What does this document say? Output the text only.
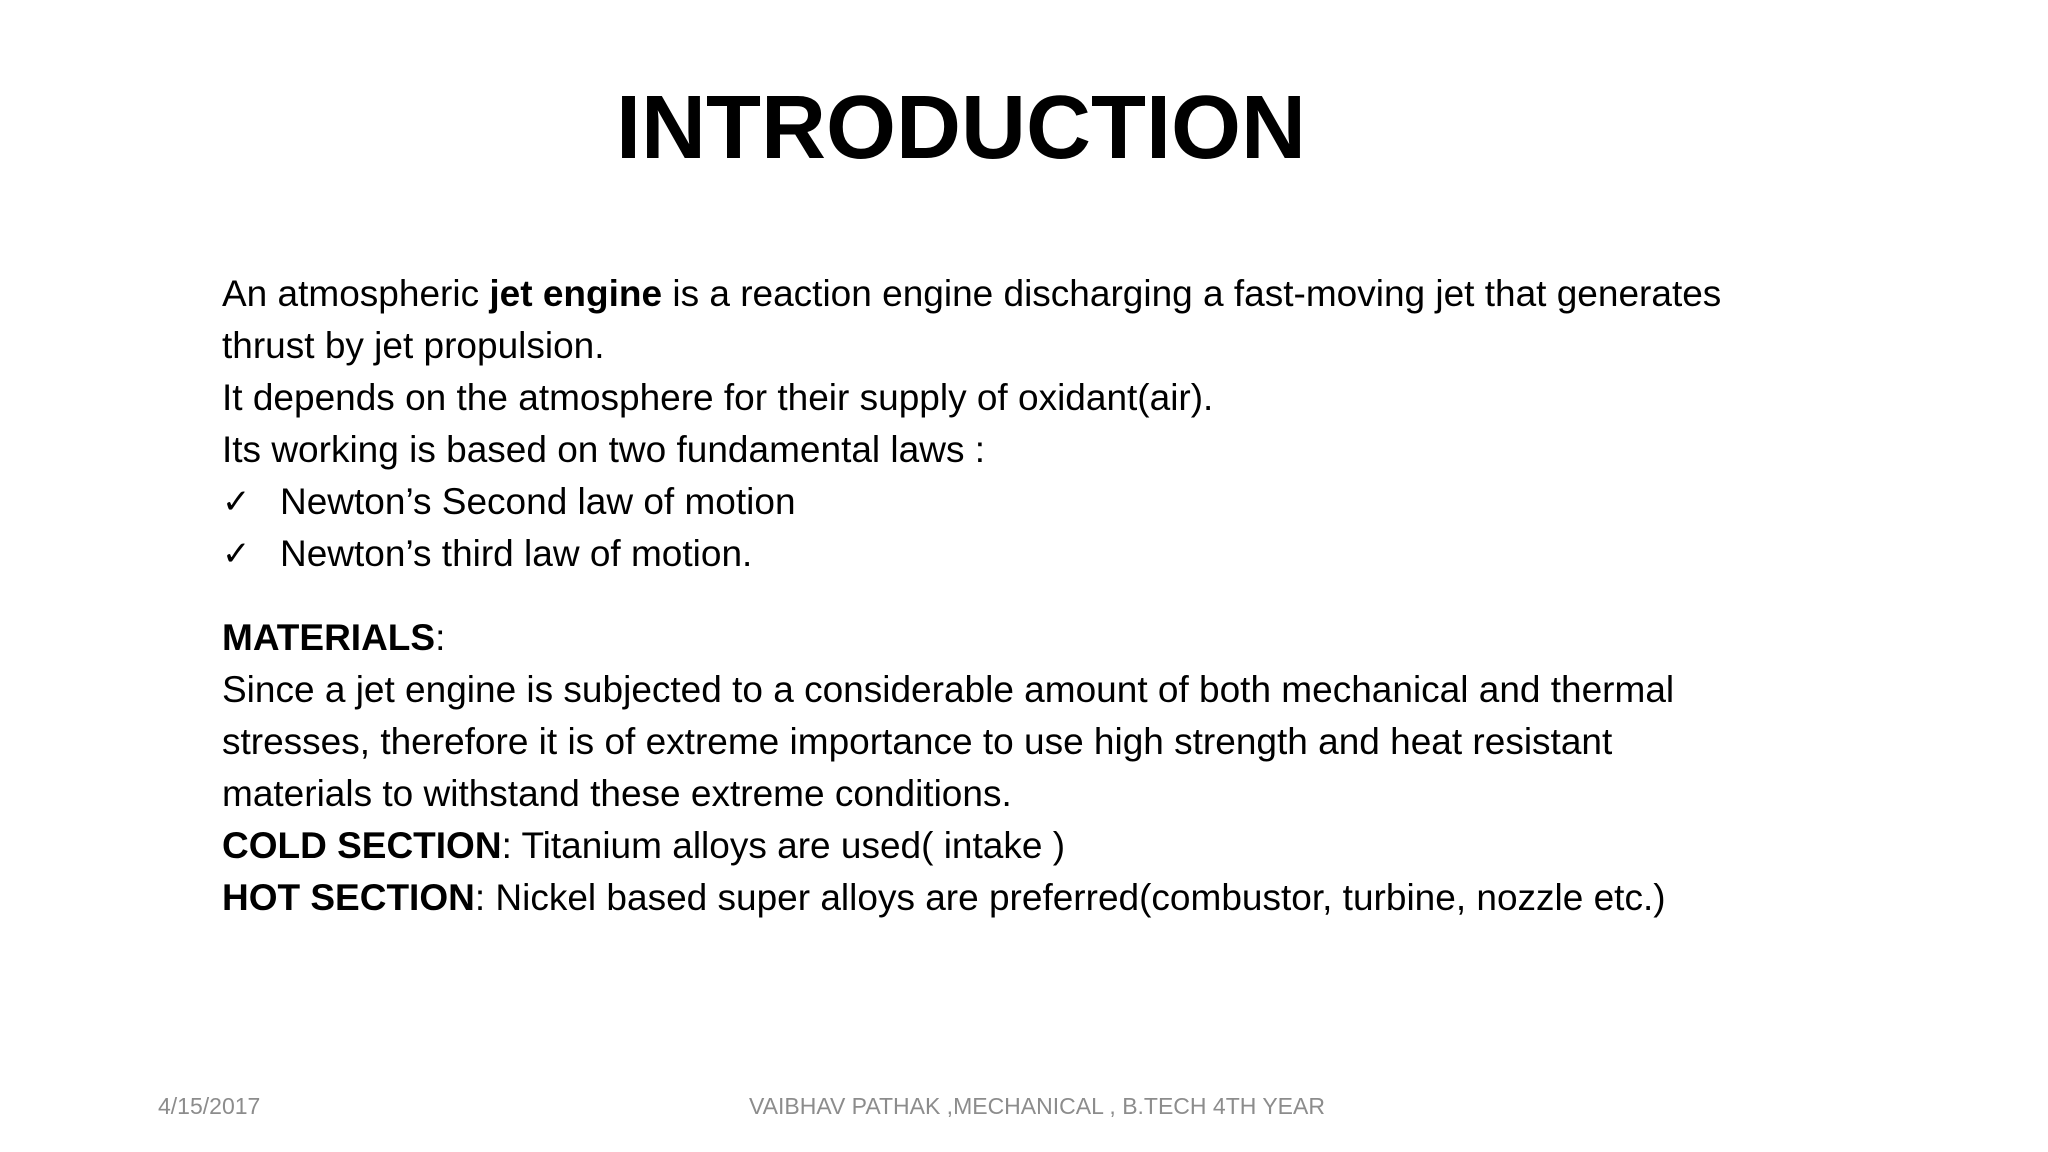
INTRODUCTION
An atmospheric jet engine is a reaction engine discharging a fast-moving jet that generates
thrust by jet propulsion.
It depends on the atmosphere for their supply of oxidant(air).
Its working is based on two fundamental laws :
✓ Newton’s Second law of motion
✓ Newton’s third law of motion.
MATERIALS:
Since a jet engine is subjected to a considerable amount of both mechanical and thermal
stresses, therefore it is of extreme importance to use high strength and heat resistant
materials to withstand these extreme conditions.
COLD SECTION: Titanium alloys are used( intake )
HOT SECTION: Nickel based super alloys are preferred(combustor, turbine, nozzle etc.)
4/15/2017	VAIBHAV PATHAK ,MECHANICAL , B.TECH 4TH YEAR
